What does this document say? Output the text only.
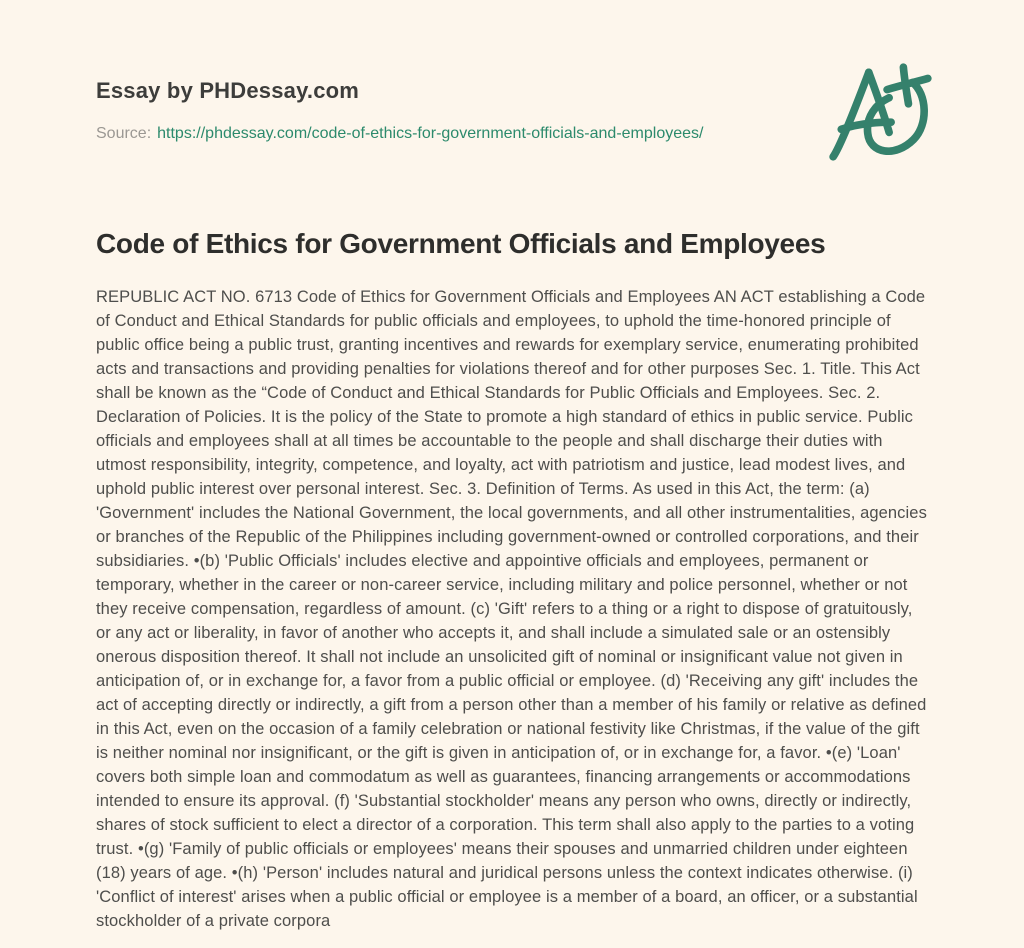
Essay by PHDessay.com
Source: https://phdessay.com/code-of-ethics-for-government-officials-and-employees/
Code of Ethics for Government Officials and Employees

REPUBLIC ACT NO. 6713 Code of Ethics for Government Officials and Employees AN ACT establishing a Code of Conduct and Ethical Standards for public officials and employees, to uphold the time-honored principle of public office being a public trust, granting incentives and rewards for exemplary service, enumerating prohibited acts and transactions and providing penalties for violations thereof and for other purposes Sec. 1. Title. This Act shall be known as the “Code of Conduct and Ethical Standards for Public Officials and Employees. Sec. 2. Declaration of Policies. It is the policy of the State to promote a high standard of ethics in public service. Public officials and employees shall at all times be accountable to the people and shall discharge their duties with utmost responsibility, integrity, competence, and loyalty, act with patriotism and justice, lead modest lives, and uphold public interest over personal interest. Sec. 3. Definition of Terms. As used in this Act, the term: (a) 'Government' includes the National Government, the local governments, and all other instrumentalities, agencies or branches of the Republic of the Philippines including government-owned or controlled corporations, and their subsidiaries. •(b) 'Public Officials' includes elective and appointive officials and employees, permanent or temporary, whether in the career or non-career service, including military and police personnel, whether or not they receive compensation, regardless of amount. (c) 'Gift' refers to a thing or a right to dispose of gratuitously, or any act or liberality, in favor of another who accepts it, and shall include a simulated sale or an ostensibly onerous disposition thereof. It shall not include an unsolicited gift of nominal or insignificant value not given in anticipation of, or in exchange for, a favor from a public official or employee. (d) 'Receiving any gift' includes the act of accepting directly or indirectly, a gift from a person other than a member of his family or relative as defined in this Act, even on the occasion of a family celebration or national festivity like Christmas, if the value of the gift is neither nominal nor insignificant, or the gift is given in anticipation of, or in exchange for, a favor. •(e) 'Loan' covers both simple loan and commodatum as well as guarantees, financing arrangements or accommodations intended to ensure its approval. (f) 'Substantial stockholder' means any person who owns, directly or indirectly, shares of stock sufficient to elect a director of a corporation. This term shall also apply to the parties to a voting trust. •(g) 'Family of public officials or employees' means their spouses and unmarried children under eighteen (18) years of age. •(h) 'Person' includes natural and juridical persons unless the context indicates otherwise. (i) 'Conflict of interest' arises when a public official or employee is a member of a board, an officer, or a substantial stockholder of a private corpora
